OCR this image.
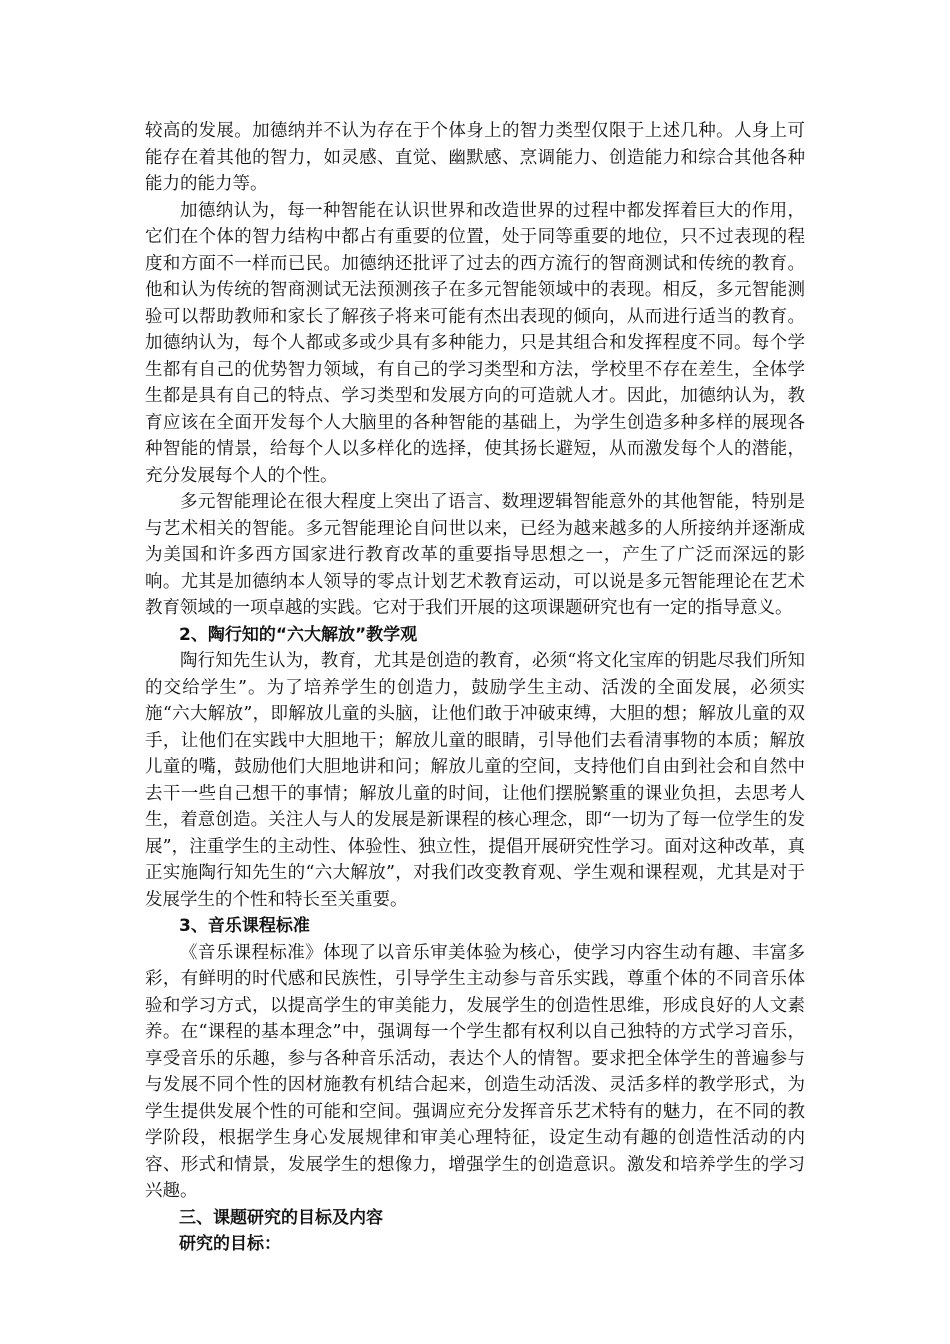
较高的发展。加德纳并不认为存在于个体身上的智力类型仅限于上述几种。人身上可能存在着其他的智力，如灵感、直觉、幽默感、烹调能力、创造能力和综合其他各种能力的能力等。

加德纳认为，每一种智能在认识世界和改造世界的过程中都发挥着巨大的作用，它们在个体的智力结构中都占有重要的位置，处于同等重要的地位，只不过表现的程度和方面不一样而已民。加德纳还批评了过去的西方流行的智商测试和传统的教育。他和认为传统的智商测试无法预测孩子在多元智能领域中的表现。相反，多元智能测验可以帮助教师和家长了解孩子将来可能有杰出表现的倾向，从而进行适当的教育。加德纳认为，每个人都或多或少具有多种能力，只是其组合和发挥程度不同。每个学生都有自己的优势智力领域，有自己的学习类型和方法，学校里不存在差生，全体学生都是具有自己的特点、学习类型和发展方向的可造就人才。因此，加德纳认为，教育应该在全面开发每个人大脑里的各种智能的基础上，为学生创造多种多样的展现各种智能的情景，给每个人以多样化的选择，使其扬长避短，从而激发每个人的潜能，充分发展每个人的个性。

多元智能理论在很大程度上突出了语言、数理逻辑智能意外的其他智能，特别是与艺术相关的智能。多元智能理论自问世以来，已经为越来越多的人所接纳并逐渐成为美国和许多西方国家进行教育改革的重要指导思想之一，产生了广泛而深远的影响。尤其是加德纳本人领导的零点计划艺术教育运动，可以说是多元智能理论在艺术教育领域的一项卓越的实践。它对于我们开展的这项课题研究也有一定的指导意义。

2、陶行知的“六大解放”教学观

陶行知先生认为，教育，尤其是创造的教育，必须“将文化宝库的钥匙尽我们所知的交给学生”。为了培养学生的创造力，鼓励学生主动、活泼的全面发展，必须实施“六大解放”，即解放儿童的头脑，让他们敢于冲破束缚，大胆的想；解放儿童的双手，让他们在实践中大胆地干；解放儿童的眼睛，引导他们去看清事物的本质；解放儿童的嘴，鼓励他们大胆地讲和问；解放儿童的空间，支持他们自由到社会和自然中去干一些自己想干的事情；解放儿童的时间，让他们摆脱繁重的课业负担，去思考人生，着意创造。关注人与人的发展是新课程的核心理念，即“一切为了每一位学生的发展”，注重学生的主动性、体验性、独立性，提倡开展研究性学习。面对这种改革，真正实施陶行知先生的“六大解放”，对我们改变教育观、学生观和课程观，尤其是对于发展学生的个性和特长至关重要。

3、音乐课程标准

《音乐课程标准》体现了以音乐审美体验为核心，使学习内容生动有趣、丰富多彩，有鲜明的时代感和民族性，引导学生主动参与音乐实践，尊重个体的不同音乐体验和学习方式，以提高学生的审美能力，发展学生的创造性思维，形成良好的人文素养。在“课程的基本理念”中，强调每一个学生都有权利以自己独特的方式学习音乐，享受音乐的乐趣，参与各种音乐活动，表达个人的情智。要求把全体学生的普遍参与与发展不同个性的因材施教有机结合起来，创造生动活泼、灵活多样的教学形式，为学生提供发展个性的可能和空间。强调应充分发挥音乐艺术特有的魅力，在不同的教学阶段，根据学生身心发展规律和审美心理特征，设定生动有趣的创造性活动的内容、形式和情景，发展学生的想像力，增强学生的创造意识。激发和培养学生的学习兴趣。

三、课题研究的目标及内容

研究的目标：
